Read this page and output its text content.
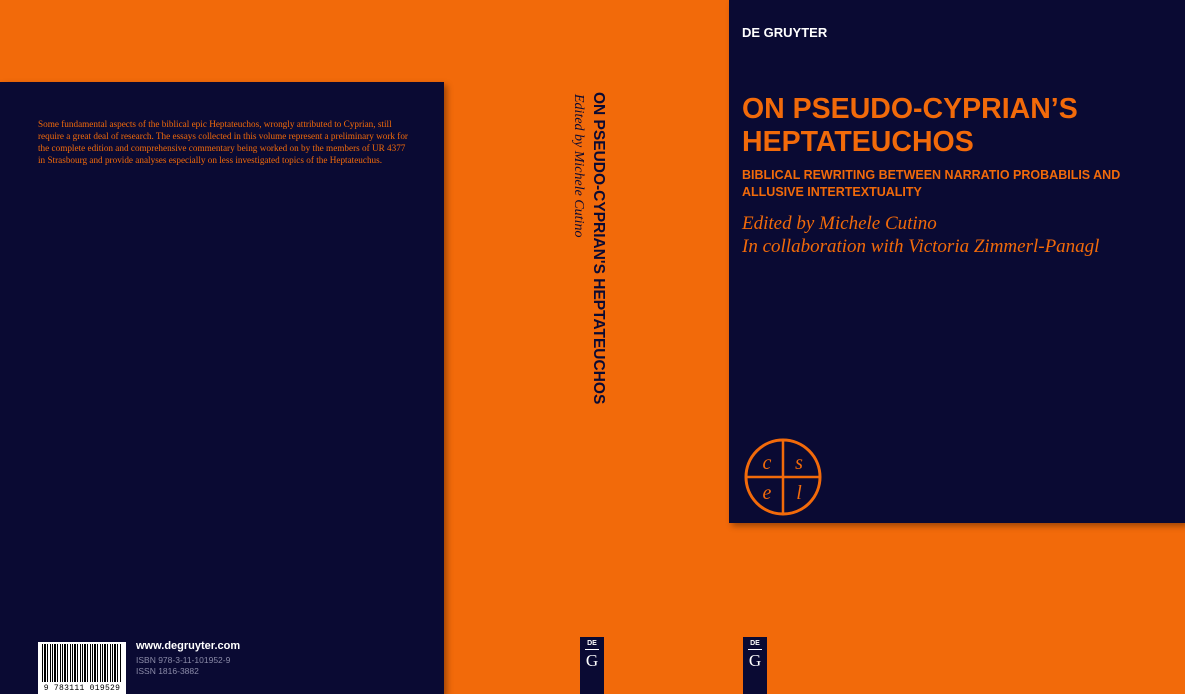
Some fundamental aspects of the biblical epic Heptateuchos, wrongly attributed to Cyprian, still require a great deal of research. The essays collected in this volume represent a preliminary work for the complete edition and comprehensive commentary being worked on by the members of UR 4377 in Strasbourg and provide analyses especially on less investigated topics of the Heptateuchus.

9 783111 019529
www.degruyter.com
ISBN 978-3-11-101952-9
ISSN 1816-3882
ON PSEUDO-CYPRIAN'S HEPTATEUCHOS
Edited by Michele Cutino
DE
G
DE GRUYTER
ON PSEUDO-CYPRIAN’S HEPTATEUCHOS

BIBLICAL REWRITING BETWEEN NARRATIO PROBABILIS AND ALLUSIVE INTERTEXTUALITY

Edited by Michele Cutino

In collaboration with Victoria Zimmerl-Panagl

c s
e l
DE
G
